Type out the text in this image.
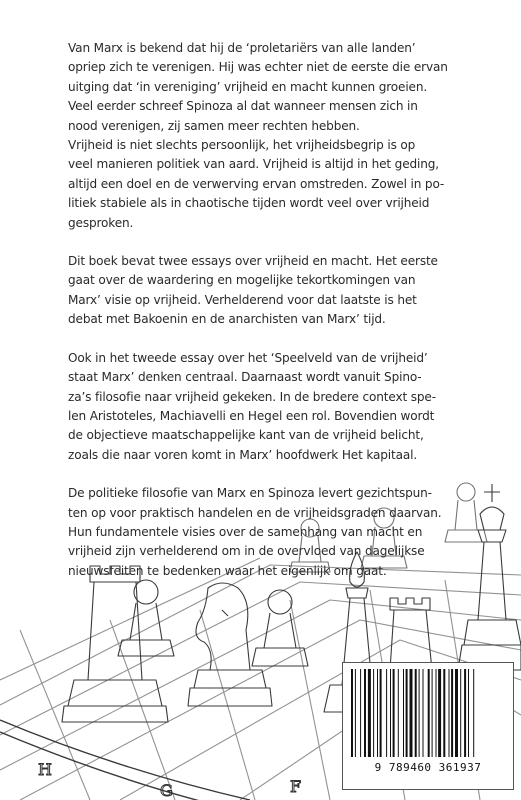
Van Marx is bekend dat hij de ‘proletariërs van alle landen’
opriep zich te verenigen. Hij was echter niet de eerste die ervan
uitging dat ‘in vereniging’ vrijheid en macht kunnen groeien.
Veel eerder schreef Spinoza al dat wanneer mensen zich in
nood verenigen, zij samen meer rechten hebben.
Vrijheid is niet slechts persoonlijk, het vrijheidsbegrip is op
veel manieren politiek van aard. Vrijheid is altijd in het geding,
altijd een doel en de verwerving ervan omstreden. Zowel in po-
litiek stabiele als in chaotische tijden wordt veel over vrijheid
gesproken.
Dit boek bevat twee essays over vrijheid en macht. Het eerste
gaat over de waardering en mogelijke tekortkomingen van
Marx’ visie op vrijheid. Verhelderend voor dat laatste is het
debat met Bakoenin en de anarchisten van Marx’ tijd.
Ook in het tweede essay over het ‘Speelveld van de vrijheid’
staat Marx’ denken centraal. Daarnaast wordt vanuit Spino-
za’s filosofie naar vrijheid gekeken. In de bredere context spe-
len Aristoteles, Machiavelli en Hegel een rol. Bovendien wordt
de objectieve maatschappelijke kant van de vrijheid belicht,
zoals die naar voren komt in Marx’ hoofdwerk Het kapitaal.
De politieke filosofie van Marx en Spinoza levert gezichtspun-
ten op voor praktisch handelen en de vrijheidsgraden daarvan.
Hun fundamentele visies over de samenhang van macht en
vrijheid zijn verhelderend om in de overvloed van dagelijkse
nieuwsfeiten te bedenken waar het eigenlijk om gaat.
H
G	F
9 789460 361937
